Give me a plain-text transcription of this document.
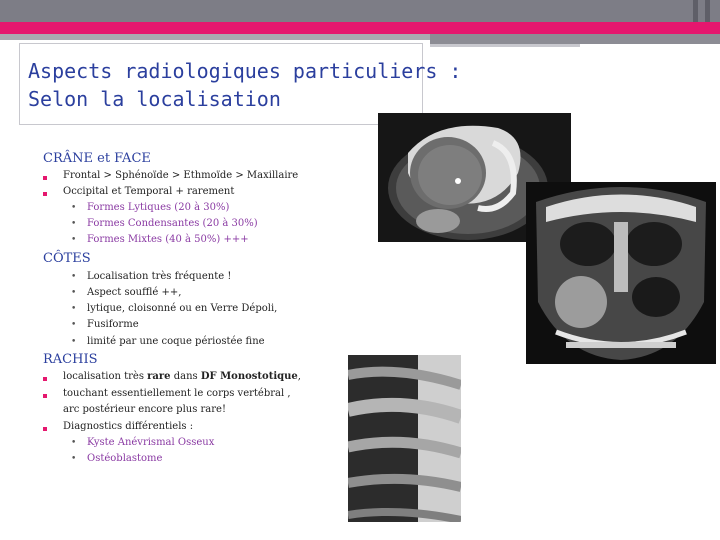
Aspects radiologiques particuliers :
Selon la localisation
CRÂNE et FACE
Frontal > Sphénoïde > Ethmoïde > Maxillaire
Occipital et Temporal + rarement
• Formes Lytiques (20 à 30%)
• Formes Condensantes (20 à 30%)
• Formes Mixtes (40 à 50%) +++
CÔTES
• Localisation très fréquente !
• Aspect soufflé ++,
• lytique, cloisonné ou en Verre Dépoli,
• Fusiforme
• limité par une coque périostée fine
RACHIS
localisation très rare dans DF Monostotique,
touchant essentiellement le corps vertébral ,
arc postérieur encore plus rare!
Diagnostics différentiels :
• Kyste Anévrismal Osseux
• Ostéoblastome
